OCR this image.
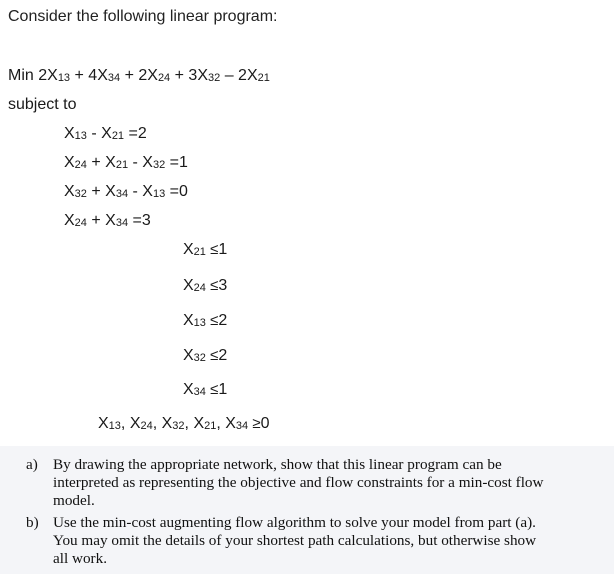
Consider the following linear program:
Min 2X13 + 4X34 + 2X24 + 3X32 – 2X21
subject to
X13 - X21 =2
X24 + X21 - X32 =1
X32 + X34 - X13 =0
X24 + X34 =3
X21 ≤1
X24 ≤3
X13 ≤2
X32 ≤2
X34 ≤1
X13, X24, X32, X21, X34 ≥0
a) By drawing the appropriate network, show that this linear program can be
interpreted as representing the objective and flow constraints for a min-cost flow
model.
b) Use the min-cost augmenting flow algorithm to solve your model from part (a).
You may omit the details of your shortest path calculations, but otherwise show
all work.
